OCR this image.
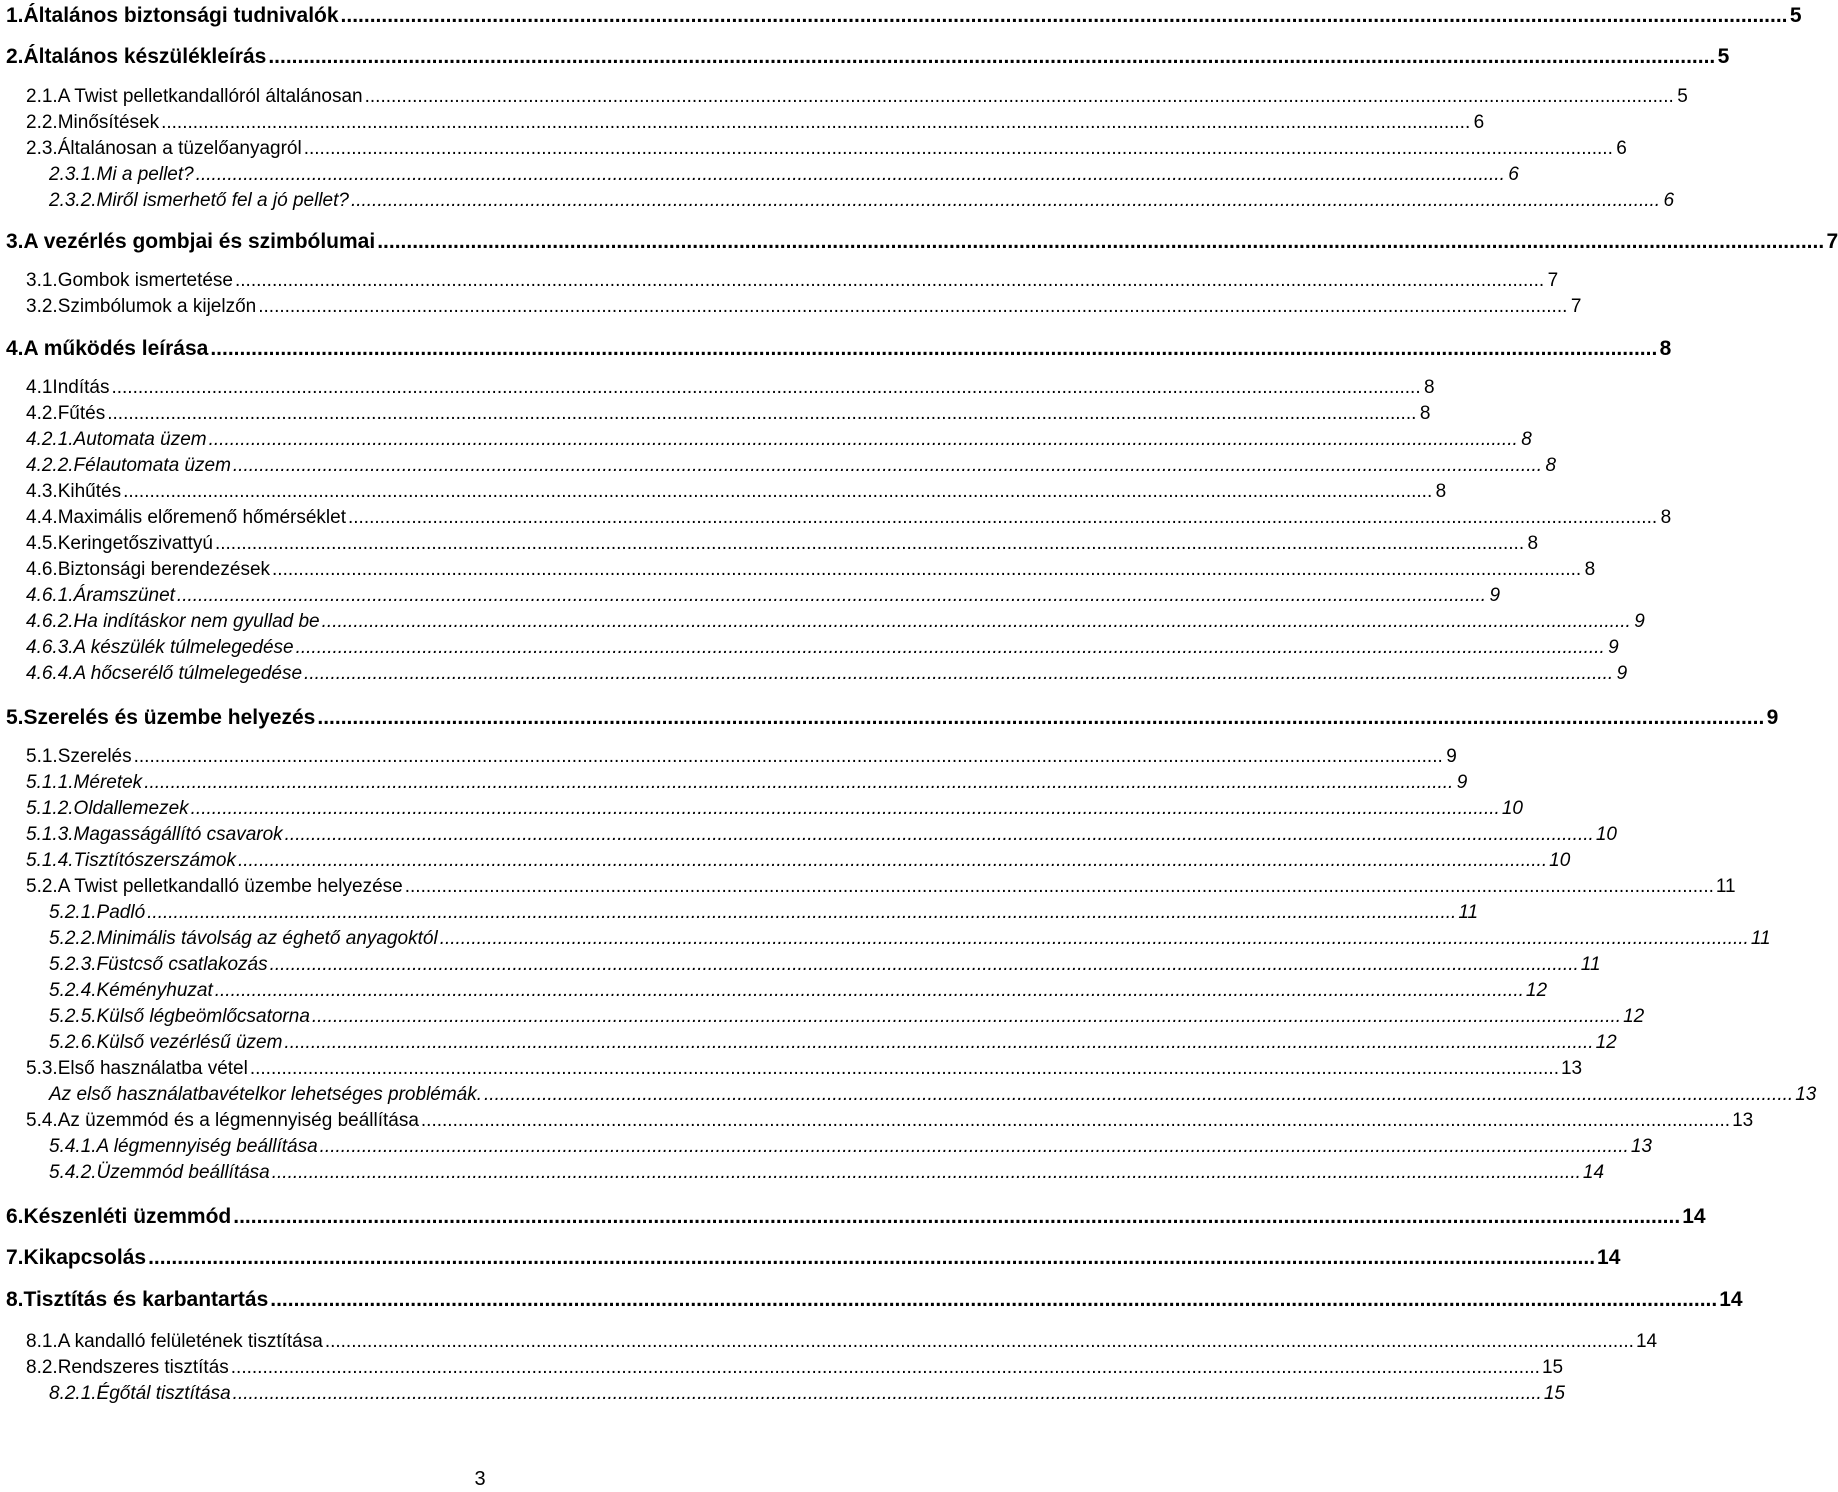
1. Általános biztonsági tudnivalók .....	5
2. Általános készülékleírás .....	5
2.1. A Twist pelletkandallóról általánosan .....	5
2.2. Minősítések .....	6
2.3. Általánosan a tüzelőanyagról .....	6
2.3.1. Mi a pellet? .....	6
2.3.2. Miről ismerhető fel a jó pellet? .....	6
3. A vezérlés gombjai és szimbólumai .....	7
3.1. Gombok ismertetése .....	7
3.2. Szimbólumok a kijelzőn .....	7
4. A működés leírása .....	8
4.1 Indítás .....	8
4.2. Fűtés .....	8
4.2.1. Automata üzem .....	8
4.2.2. Félautomata üzem .....	8
4.3. Kihűtés .....	8
4.4. Maximális előremenő hőmérséklet .....	8
4.5. Keringetőszivattyú .....	8
4.6. Biztonsági berendezések .....	8
4.6.1. Áramszünet .....	9
4.6.2. Ha indításkor nem gyullad be .....	9
4.6.3. A készülék túlmelegedése .....	9
4.6.4. A hőcserélő túlmelegedése .....	9
5. Szerelés és üzembe helyezés .....	9
5.1. Szerelés .....	9
5.1.1. Méretek .....	9
5.1.2. Oldallemezek .....	10
5.1.3. Magasságállító csavarok .....	10
5.1.4. Tisztítószerszámok .....	10
5.2. A Twist pelletkandalló üzembe helyezése .....	11
5.2.1. Padló .....	11
5.2.2. Minimális távolság az éghető anyagoktól .....	11
5.2.3. Füstcső csatlakozás .....	11
5.2.4. Kéményhuzat .....	12
5.2.5. Külső légbeömlőcsatorna .....	12
5.2.6. Külső vezérlésű üzem .....	12
5.3. Első használatba vétel .....	13
Az első használatbavételkor lehetséges problémák. .....	13
5.4. Az üzemmód és a légmennyiség beállítása .....	13
5.4.1. A légmennyiség beállítása .....	13
5.4.2. Üzemmód beállítása .....	14
6. Készenléti üzemmód .....	14
7. Kikapcsolás .....	14
8. Tisztítás és karbantartás .....	14
8.1. A kandalló felületének tisztítása .....	14
8.2. Rendszeres tisztítás .....	15
8.2.1. Égőtál tisztítása .....	15
3
